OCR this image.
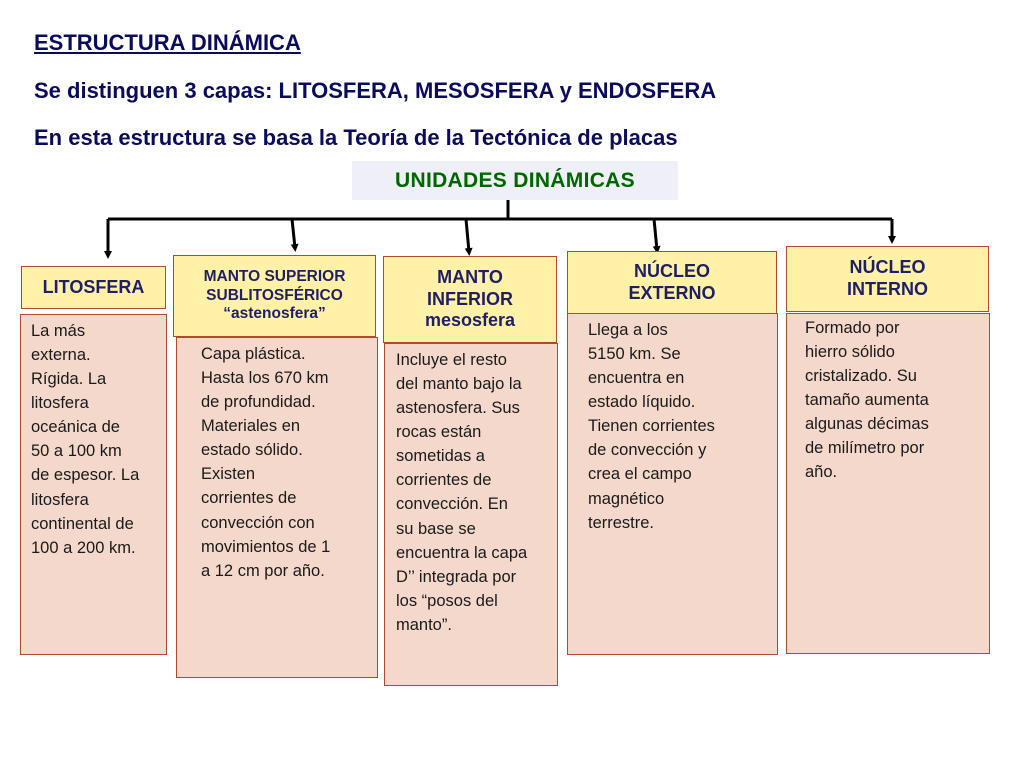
ESTRUCTURA DINÁMICA
Se distinguen 3 capas: LITOSFERA, MESOSFERA y ENDOSFERA
En esta estructura se basa la Teoría de la Tectónica de placas
UNIDADES DINÁMICAS
LITOSFERA

La más
externa.
Rígida. La
litosfera
oceánica de
50 a 100 km
de espesor. La
litosfera
continental de
100 a 200 km.

MANTO SUPERIOR
SUBLITOSFÉRICO
“astenosfera”

Capa plástica.
Hasta los 670 km
de profundidad.
Materiales en
estado sólido.
Existen
corrientes de
convección con
movimientos de 1
a 12 cm por año.

MANTO
INFERIOR
mesosfera

Incluye el resto
del manto bajo la
astenosfera. Sus
rocas están
sometidas a
corrientes de
convección. En
su base se
encuentra la capa
D’’ integrada por
los “posos del
manto”.

NÚCLEO
EXTERNO

Llega a los
5150 km. Se
encuentra en
estado líquido.
Tienen corrientes
de convección y
crea el campo
magnético
terrestre.

NÚCLEO
INTERNO

Formado por
hierro sólido
cristalizado. Su
tamaño aumenta
algunas décimas
de milímetro por
año.
